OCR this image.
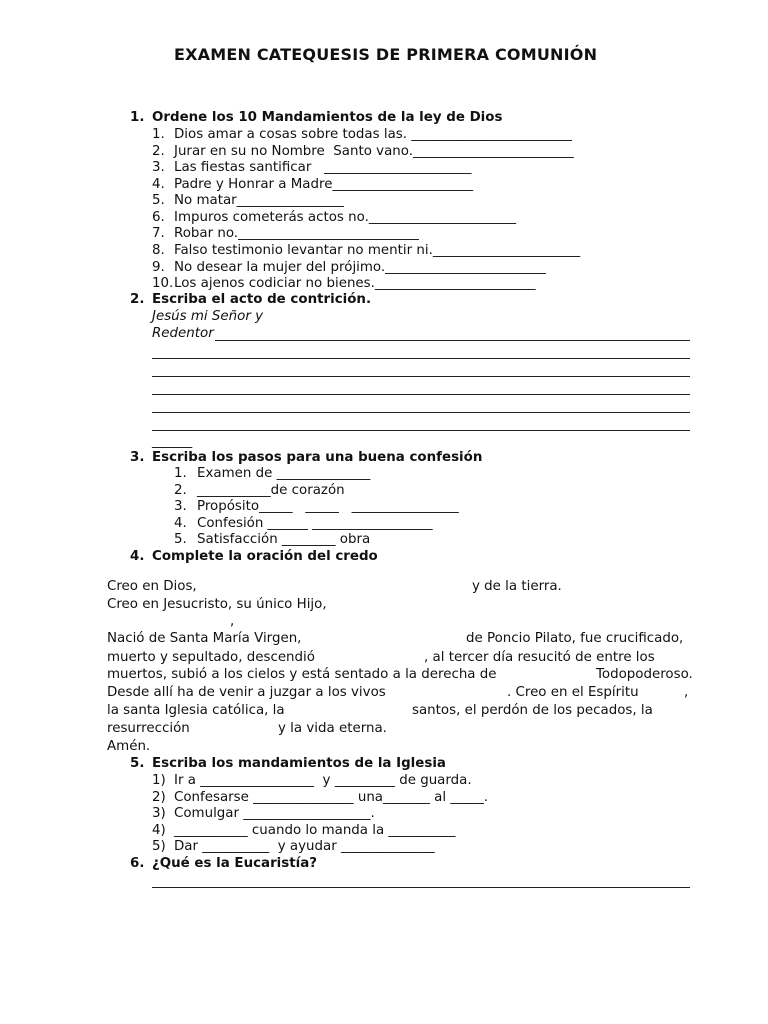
EXAMEN CATEQUESIS DE PRIMERA COMUNIÓN
1. Ordene los 10 Mandamientos de la ley de Dios
1. Dios amar a cosas sobre todas las. ________________________
2. Jurar en su no Nombre  Santo vano.________________________
3. Las fiestas santificar   ______________________
4. Padre y Honrar a Madre_____________________
5. No matar________________
6. Impuros cometerás actos no.______________________
7. Robar no.___________________________
8. Falso testimonio levantar no mentir ni.______________________
9. No desear la mujer del prójimo.________________________
10. Los ajenos codiciar no bienes.________________________
2. Escriba el acto de contrición.
Jesús mi Señor y
Redentor
______
3. Escriba los pasos para una buena confesión
1. Examen de ______________
2. ___________de corazón
3. Propósito_____   _____   ________________
4. Confesión ______ __________________
5. Satisfacción ________ obra
4. Complete la oración del credo
Creo en Dios,	y de la tierra.
Creo en Jesucristo, su único Hijo,
,
Nació de Santa María Virgen,	de Poncio Pilato, fue crucificado,
muerto y sepultado, descendió	, al tercer día resucitó de entre los
muertos, subió a los cielos y está sentado a la derecha de	Todopoderoso.
Desde allí ha de venir a juzgar a los vivos	. Creo en el Espíritu	,
la santa Iglesia católica, la	santos, el perdón de los pecados, la
resurrección	y la vida eterna.
Amén.
5. Escriba los mandamientos de la Iglesia
1) Ir a _________________  y _________ de guarda.
2) Confesarse _______________ una_______ al _____.
3) Comulgar ___________________.
4) ___________ cuando lo manda la __________
5) Dar __________  y ayudar ______________
6. ¿Qué es la Eucaristía?
